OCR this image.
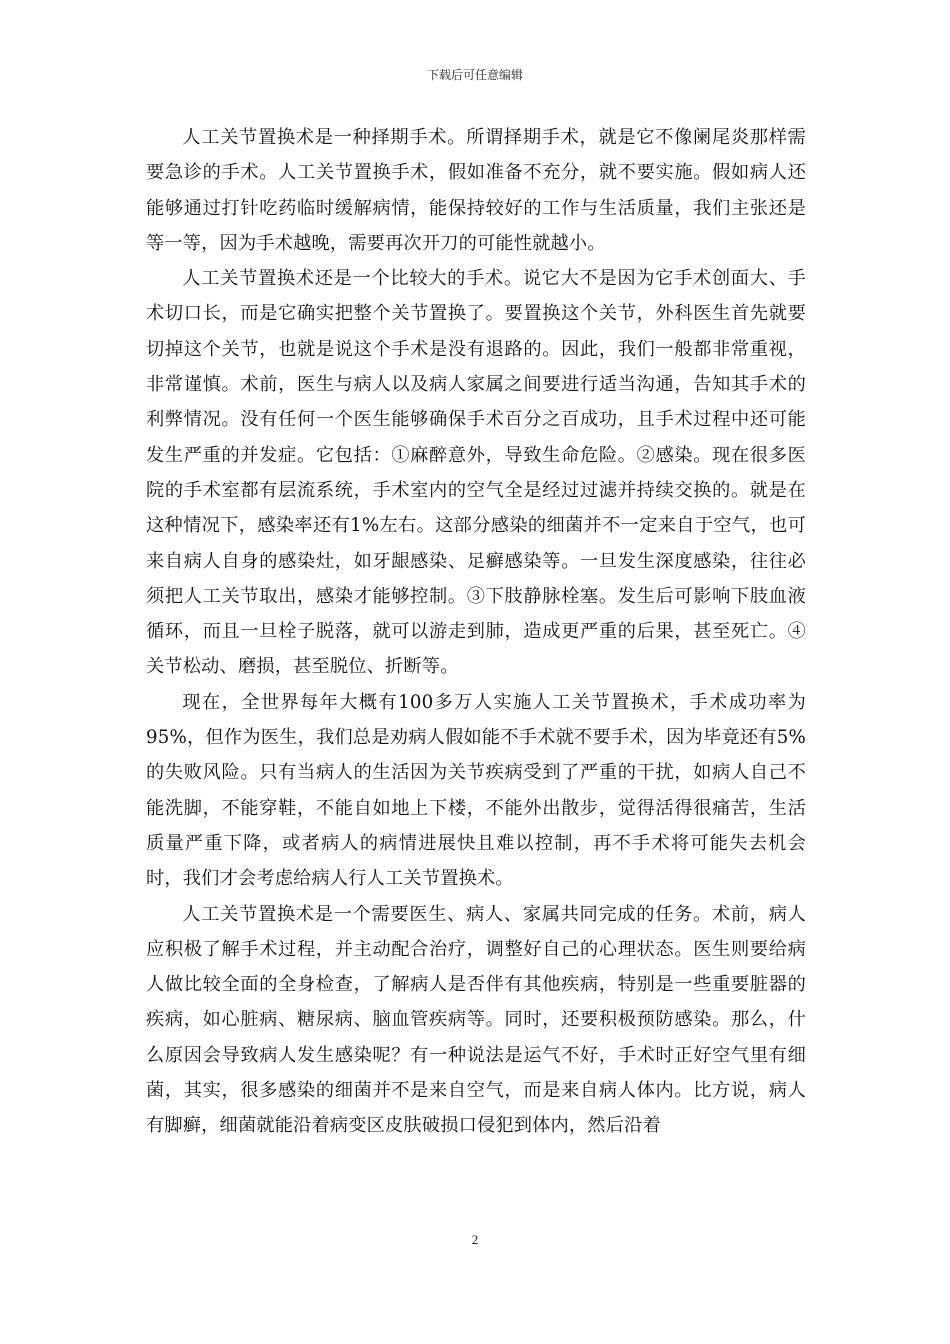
下载后可任意编辑

人工关节置换术是一种择期手术。所谓择期手术，就是它不像阑尾炎那样需要急诊的手术。人工关节置换手术，假如准备不充分，就不要实施。假如病人还能够通过打针吃药临时缓解病情，能保持较好的工作与生活质量，我们主张还是等一等，因为手术越晚，需要再次开刀的可能性就越小。

人工关节置换术还是一个比较大的手术。说它大不是因为它手术创面大、手术切口长，而是它确实把整个关节置换了。要置换这个关节，外科医生首先就要切掉这个关节，也就是说这个手术是没有退路的。因此，我们一般都非常重视，非常谨慎。术前，医生与病人以及病人家属之间要进行适当沟通，告知其手术的利弊情况。没有任何一个医生能够确保手术百分之百成功，且手术过程中还可能发生严重的并发症。它包括：①麻醉意外，导致生命危险。②感染。现在很多医院的手术室都有层流系统，手术室内的空气全是经过过滤并持续交换的。就是在这种情况下，感染率还有1%左右。这部分感染的细菌并不一定来自于空气，也可来自病人自身的感染灶，如牙龈感染、足癣感染等。一旦发生深度感染，往往必须把人工关节取出，感染才能够控制。③下肢静脉栓塞。发生后可影响下肢血液循环，而且一旦栓子脱落，就可以游走到肺，造成更严重的后果，甚至死亡。④关节松动、磨损，甚至脱位、折断等。

现在，全世界每年大概有100多万人实施人工关节置换术，手术成功率为95%，但作为医生，我们总是劝病人假如能不手术就不要手术，因为毕竟还有5%的失败风险。只有当病人的生活因为关节疾病受到了严重的干扰，如病人自己不能洗脚，不能穿鞋，不能自如地上下楼，不能外出散步，觉得活得很痛苦，生活质量严重下降，或者病人的病情进展快且难以控制，再不手术将可能失去机会时，我们才会考虑给病人行人工关节置换术。

人工关节置换术是一个需要医生、病人、家属共同完成的任务。术前，病人应积极了解手术过程，并主动配合治疗，调整好自己的心理状态。医生则要给病人做比较全面的全身检查，了解病人是否伴有其他疾病，特别是一些重要脏器的疾病，如心脏病、糖尿病、脑血管疾病等。同时，还要积极预防感染。那么，什么原因会导致病人发生感染呢？有一种说法是运气不好，手术时正好空气里有细菌，其实，很多感染的细菌并不是来自空气，而是来自病人体内。比方说，病人有脚癣，细菌就能沿着病变区皮肤破损口侵犯到体内，然后沿着

2
